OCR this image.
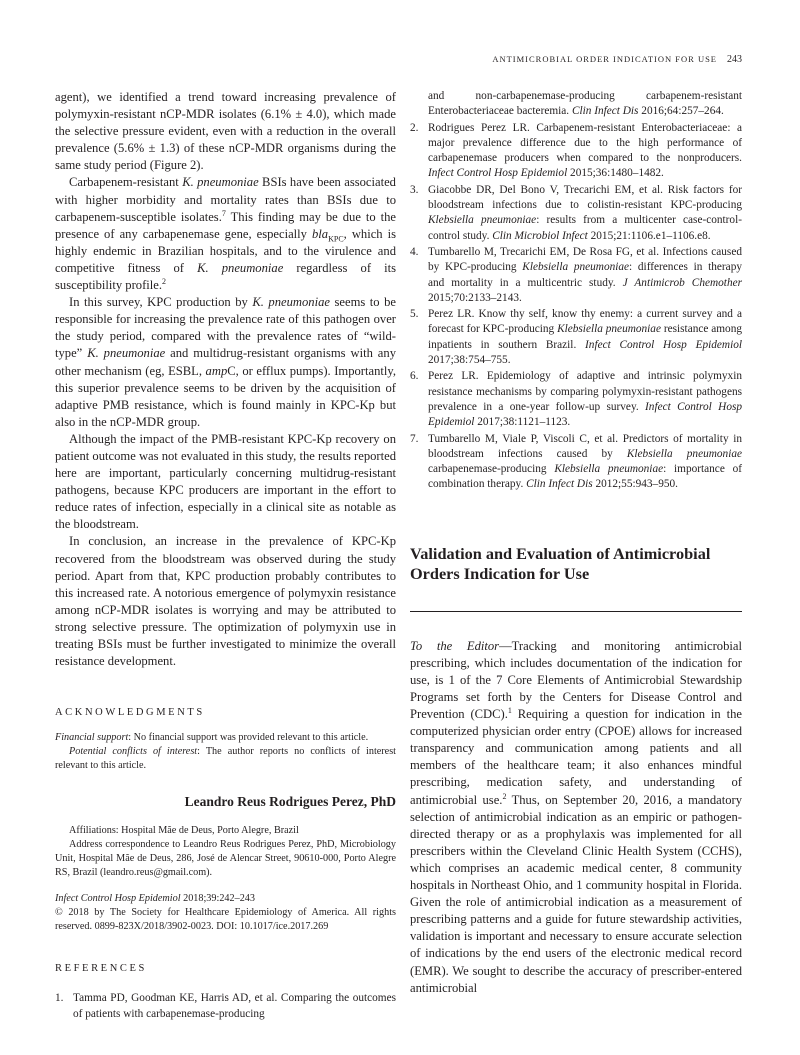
ANTIMICROBIAL ORDER INDICATION FOR USE 243

agent), we identified a trend toward increasing prevalence of polymyxin-resistant nCP-MDR isolates (6.1% ± 4.0), which made the selective pressure evident, even with a reduction in the overall prevalence (5.6% ± 1.3) of these nCP-MDR organisms during the same study period (Figure 2).

Carbapenem-resistant K. pneumoniae BSIs have been associated with higher morbidity and mortality rates than BSIs due to carbapenem-susceptible isolates.$^7$ This finding may be due to the presence of any carbapenemase gene, especially bla$_{KPC}$, which is highly endemic in Brazilian hospitals, and to the virulence and competitive fitness of K. pneumoniae regardless of its susceptibility profile.$^2$

In this survey, KPC production by K. pneumoniae seems to be responsible for increasing the prevalence rate of this pathogen over the study period, compared with the prevalence rates of “wild-type” K. pneumoniae and multidrug-resistant organisms with any other mechanism (eg, ESBL, ampC, or efflux pumps). Importantly, this superior prevalence seems to be driven by the acquisition of adaptive PMB resistance, which is found mainly in KPC-Kp but also in the nCP-MDR group.

Although the impact of the PMB-resistant KPC-Kp recovery on patient outcome was not evaluated in this study, the results reported here are important, particularly concerning multidrug-resistant pathogens, because KPC producers are important in the effort to reduce rates of infection, especially in a clinical site as notable as the bloodstream.

In conclusion, an increase in the prevalence of KPC-Kp recovered from the bloodstream was observed during the study period. Apart from that, KPC production probably contributes to this increased rate. A notorious emergence of polymyxin resistance among nCP-MDR isolates is worrying and may be attributed to strong selective pressure. The optimization of polymyxin use in treating BSIs must be further investigated to minimize the overall resistance development.

ACKNOWLEDGMENTS

Financial support: No financial support was provided relevant to this article.

Potential conflicts of interest: The author reports no conflicts of interest relevant to this article.

Leandro Reus Rodrigues Perez, PhD

Affiliations: Hospital Mãe de Deus, Porto Alegre, Brazil

Address correspondence to Leandro Reus Rodrigues Perez, PhD, Microbiology Unit, Hospital Mãe de Deus, 286, José de Alencar Street, 90610-000, Porto Alegre RS, Brazil (leandro.reus@gmail.com).

Infect Control Hosp Epidemiol 2018;39:242–243

© 2018 by The Society for Healthcare Epidemiology of America. All rights reserved. 0899-823X/2018/3902-0023. DOI: 10.1017/ice.2017.269

REFERENCES
1. Tamma PD, Goodman KE, Harris AD, et al. Comparing the outcomes of patients with carbapenemase-producing
and non-carbapenemase-producing carbapenem-resistant Enterobacteriaceae bacteremia. Clin Infect Dis 2016;64:257–264.
2. Rodrigues Perez LR. Carbapenem-resistant Enterobacteriaceae: a major prevalence difference due to the high performance of carbapenemase producers when compared to the nonproducers. Infect Control Hosp Epidemiol 2015;36:1480–1482.
3. Giacobbe DR, Del Bono V, Trecarichi EM, et al. Risk factors for bloodstream infections due to colistin-resistant KPC-producing Klebsiella pneumoniae: results from a multicenter case-control-control study. Clin Microbiol Infect 2015;21:1106.e1–1106.e8.
4. Tumbarello M, Trecarichi EM, De Rosa FG, et al. Infections caused by KPC-producing Klebsiella pneumoniae: differences in therapy and mortality in a multicentric study. J Antimicrob Chemother 2015;70:2133–2143.
5. Perez LR. Know thy self, know thy enemy: a current survey and a forecast for KPC-producing Klebsiella pneumoniae resistance among inpatients in southern Brazil. Infect Control Hosp Epidemiol 2017;38:754–755.
6. Perez LR. Epidemiology of adaptive and intrinsic polymyxin resistance mechanisms by comparing polymyxin-resistant pathogens prevalence in a one-year follow-up survey. Infect Control Hosp Epidemiol 2017;38:1121–1123.
7. Tumbarello M, Viale P, Viscoli C, et al. Predictors of mortality in bloodstream infections caused by Klebsiella pneumoniae carbapenemase-producing Klebsiella pneumoniae: importance of combination therapy. Clin Infect Dis 2012;55:943–950.
Validation and Evaluation of Antimicrobial Orders Indication for Use

To the Editor—Tracking and monitoring antimicrobial prescribing, which includes documentation of the indication for use, is 1 of the 7 Core Elements of Antimicrobial Stewardship Programs set forth by the Centers for Disease Control and Prevention (CDC).$^1$ Requiring a question for indication in the computerized physician order entry (CPOE) allows for increased transparency and communication among patients and all members of the healthcare team; it also enhances mindful prescribing, medication safety, and understanding of antimicrobial use.$^2$ Thus, on September 20, 2016, a mandatory selection of antimicrobial indication as an empiric or pathogen-directed therapy or as a prophylaxis was implemented for all prescribers within the Cleveland Clinic Health System (CCHS), which comprises an academic medical center, 8 community hospitals in Northeast Ohio, and 1 community hospital in Florida. Given the role of antimicrobial indication as a measurement of prescribing patterns and a guide for future stewardship activities, validation is important and necessary to ensure accurate selection of indications by the end users of the electronic medical record (EMR). We sought to describe the accuracy of prescriber-entered antimicrobial
